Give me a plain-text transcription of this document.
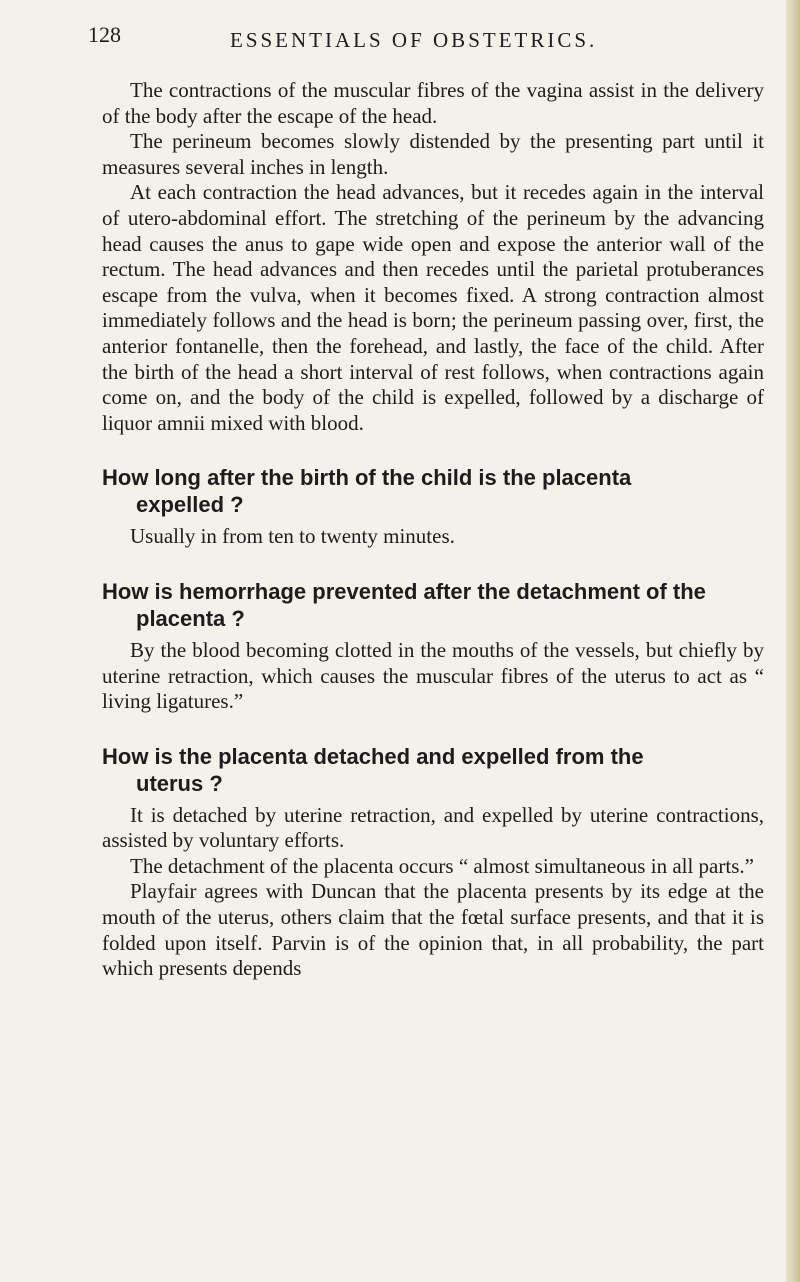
128	ESSENTIALS OF OBSTETRICS.

The contractions of the muscular fibres of the vagina assist in the delivery of the body after the escape of the head.

The perineum becomes slowly distended by the presenting part until it measures several inches in length.

At each contraction the head advances, but it recedes again in the interval of utero-abdominal effort. The stretching of the perineum by the advancing head causes the anus to gape wide open and expose the anterior wall of the rectum. The head advances and then recedes until the parietal protuberances escape from the vulva, when it becomes fixed. A strong contraction almost immediately follows and the head is born; the perineum passing over, first, the anterior fontanelle, then the forehead, and lastly, the face of the child. After the birth of the head a short interval of rest follows, when contractions again come on, and the body of the child is expelled, followed by a discharge of liquor amnii mixed with blood.

How long after the birth of the child is the placenta
expelled ?

Usually in from ten to twenty minutes.

How is hemorrhage prevented after the detachment of the
placenta ?

By the blood becoming clotted in the mouths of the vessels, but chiefly by uterine retraction, which causes the muscular fibres of the uterus to act as “ living ligatures.”

How is the placenta detached and expelled from the
uterus ?

It is detached by uterine retraction, and expelled by uterine contractions, assisted by voluntary efforts.

The detachment of the placenta occurs “ almost simultaneous in all parts.”

Playfair agrees with Duncan that the placenta presents by its edge at the mouth of the uterus, others claim that the fœtal surface presents, and that it is folded upon itself. Parvin is of the opinion that, in all probability, the part which presents depends
